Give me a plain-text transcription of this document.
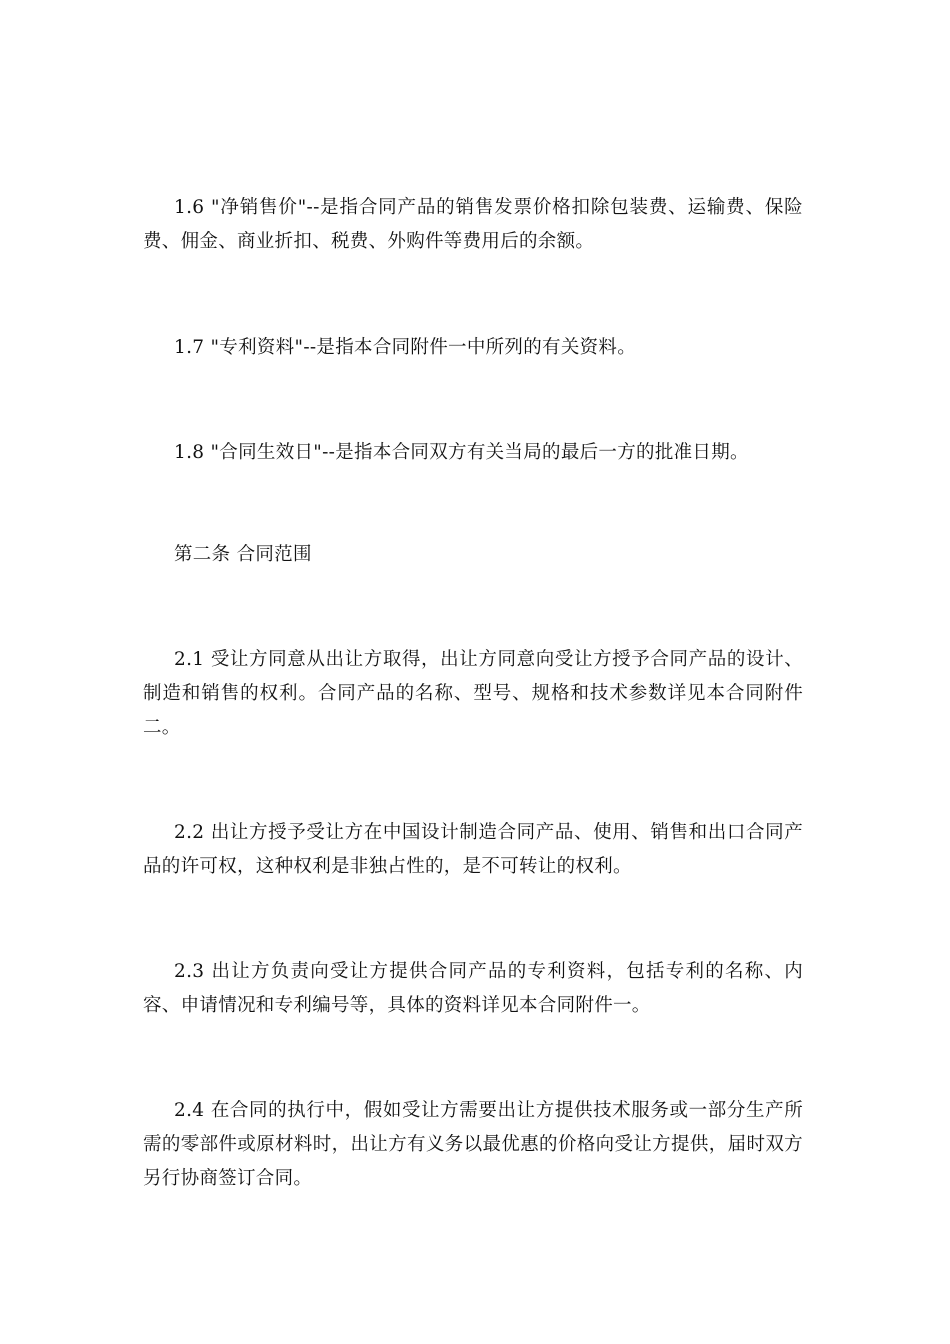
1.6 "净销售价"--是指合同产品的销售发票价格扣除包装费、运输费、保险费、佣金、商业折扣、税费、外购件等费用后的余额。

1.7 "专利资料"--是指本合同附件一中所列的有关资料。

1.8 "合同生效日"--是指本合同双方有关当局的最后一方的批准日期。

第二条 合同范围

2.1 受让方同意从出让方取得，出让方同意向受让方授予合同产品的设计、制造和销售的权利。合同产品的名称、型号、规格和技术参数详见本合同附件二。

2.2 出让方授予受让方在中国设计制造合同产品、使用、销售和出口合同产品的许可权，这种权利是非独占性的，是不可转让的权利。

2.3 出让方负责向受让方提供合同产品的专利资料，包括专利的名称、内容、申请情况和专利编号等，具体的资料详见本合同附件一。

2.4 在合同的执行中，假如受让方需要出让方提供技术服务或一部分生产所需的零部件或原材料时，出让方有义务以最优惠的价格向受让方提供，届时双方另行协商签订合同。
